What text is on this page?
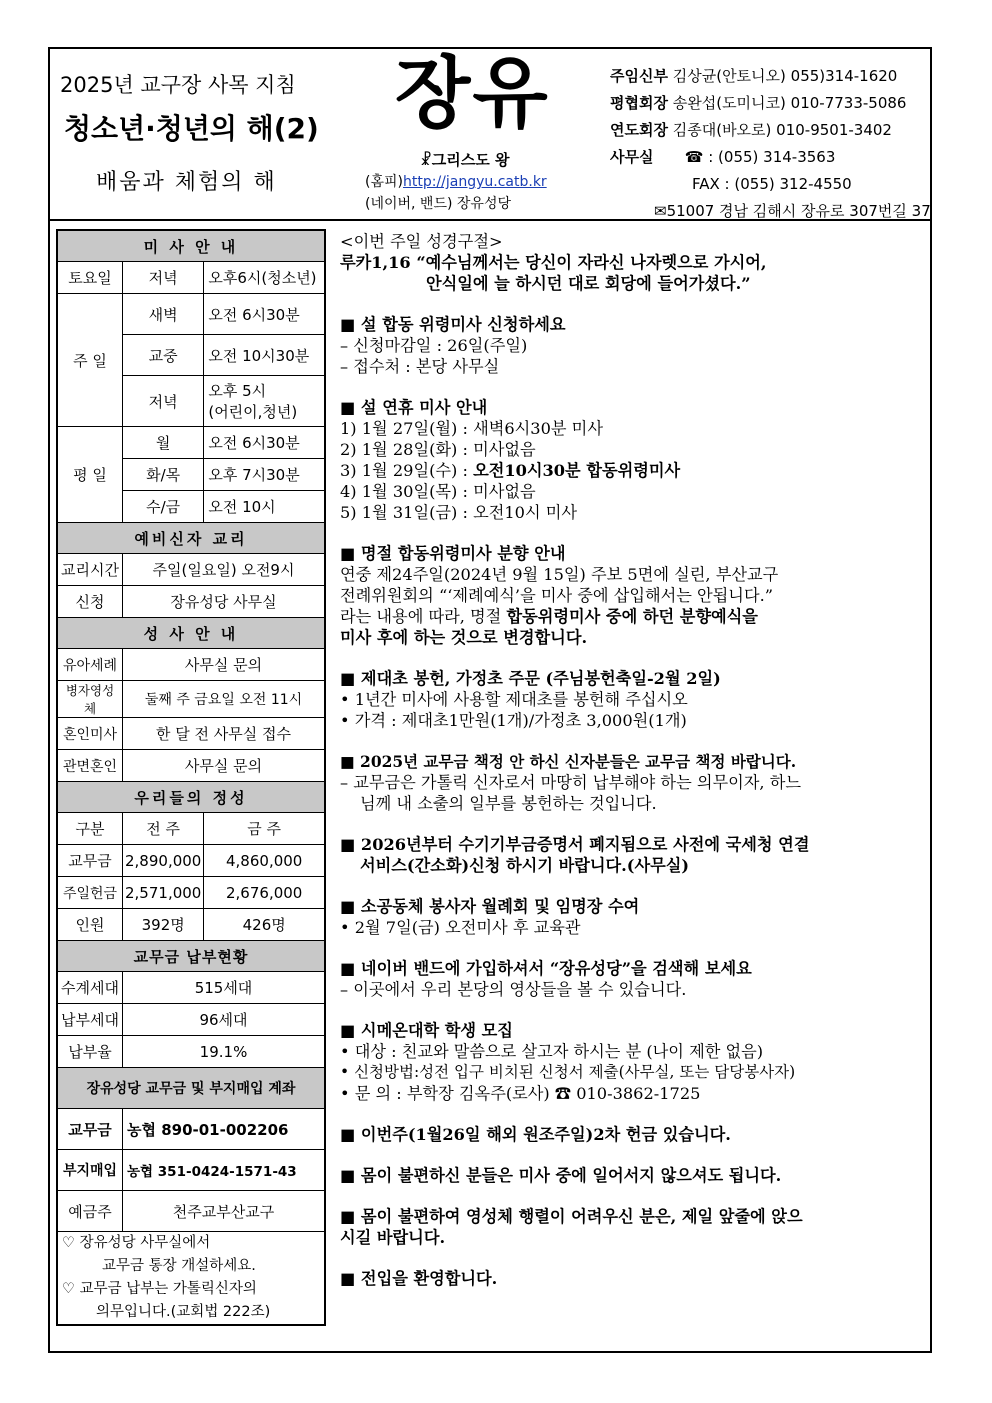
2025년 교구장 사목 지침
청소년·청년의 해(2)
배움과 체험의 해
장유
☧그리스도 왕
(홈피)http://jangyu.catb.kr
(네이버, 밴드) 장유성당
주임신부 김상균(안토니오) 055)314-1620
평협회장 송완섭(도미니코) 010-7733-5086
연도회장 김종대(바오로) 010-9501-3402
사무실 ☎ : (055) 314-3563
FAX : (055) 312-4550
✉51007 경남 김해시 장유로 307번길 37
미 사 안 내		
토요일	저녁	오후6시(청소년)
주 일	새벽	오전 6시30분
	교중	오전 10시30분
	저녁	오후 5시
(어린이,청년)

평 일	월	오전 6시30분
	화/목	오후 7시30분
	수/금	오전 10시
예비신자 교리		
교리시간	주일(일요일) 오전9시	
신청	장유성당 사무실	
성 사 안 내		
유아세례	사무실 문의	
병자영성체	둘째 주 금요일 오전 11시	
혼인미사	한 달 전 사무실 접수	
관면혼인	사무실 문의	
우리들의 정성		
구분	전 주	금 주
교무금	2,890,000	4,860,000
주일헌금	2,571,000	2,676,000
인원	392명	426명
교무금 납부현황		
수계세대	515세대	
납부세대	96세대	
납부율	19.1%	
장유성당 교무금 및 부지매입 계좌		
교무금	농협 890-01-002206	
부지매입	농협 351-0424-1571-43	
예금주	천주교부산교구	

♡ 장유성당 사무실에서
교무금 통장 개설하세요.
♡ 교무금 납부는 가톨릭신자의
의무입니다.(교회법 222조)		

<이번 주일 성경구절>

루카1,16 “예수님께서는 당신이 자라신 나자렛으로 가시어,

안식일에 늘 하시던 대로 회당에 들어가셨다.”

■ 설 합동 위령미사 신청하세요

– 신청마감일 : 26일(주일)

– 접수처 : 본당 사무실

■ 설 연휴 미사 안내

1) 1월 27일(월) : 새벽6시30분 미사

2) 1월 28일(화) : 미사없음

3) 1월 29일(수) : 오전10시30분 합동위령미사

4) 1월 30일(목) : 미사없음

5) 1월 31일(금) : 오전10시 미사

■ 명절 합동위령미사 분향 안내

연중 제24주일(2024년 9월 15일) 주보 5면에 실린, 부산교구

전례위원회의 “‘제례예식’을 미사 중에 삽입해서는 안됩니다.”

라는 내용에 따라, 명절 합동위령미사 중에 하던 분향예식을

미사 후에 하는 것으로 변경합니다.

■ 제대초 봉헌, 가정초 주문 (주님봉헌축일-2월 2일)

• 1년간 미사에 사용할 제대초를 봉헌해 주십시오

• 가격 : 제대초1만원(1개)/가정초 3,000원(1개)

■ 2025년 교무금 책정 안 하신 신자분들은 교무금 책정 바랍니다.

– 교무금은 가톨릭 신자로서 마땅히 납부해야 하는 의무이자, 하느

님께 내 소출의 일부를 봉헌하는 것입니다.

■ 2026년부터 수기기부금증명서 폐지됨으로 사전에 국세청 연결

서비스(간소화)신청 하시기 바랍니다.(사무실)

■ 소공동체 봉사자 월례회 및 임명장 수여

• 2월 7일(금) 오전미사 후 교육관

■ 네이버 밴드에 가입하셔서 “장유성당”을 검색해 보세요

– 이곳에서 우리 본당의 영상들을 볼 수 있습니다.

■ 시메온대학 학생 모집

• 대상 : 친교와 말씀으로 살고자 하시는 분 (나이 제한 없음)

• 신청방법:성전 입구 비치된 신청서 제출(사무실, 또는 담당봉사자)

• 문 의 : 부학장 김옥주(로사) ☎ 010-3862-1725

■ 이번주(1월26일 해외 원조주일)2차 헌금 있습니다.

■ 몸이 불편하신 분들은 미사 중에 일어서지 않으셔도 됩니다.

■ 몸이 불편하여 영성체 행렬이 어려우신 분은, 제일 앞줄에 앉으

시길 바랍니다.

■ 전입을 환영합니다.
